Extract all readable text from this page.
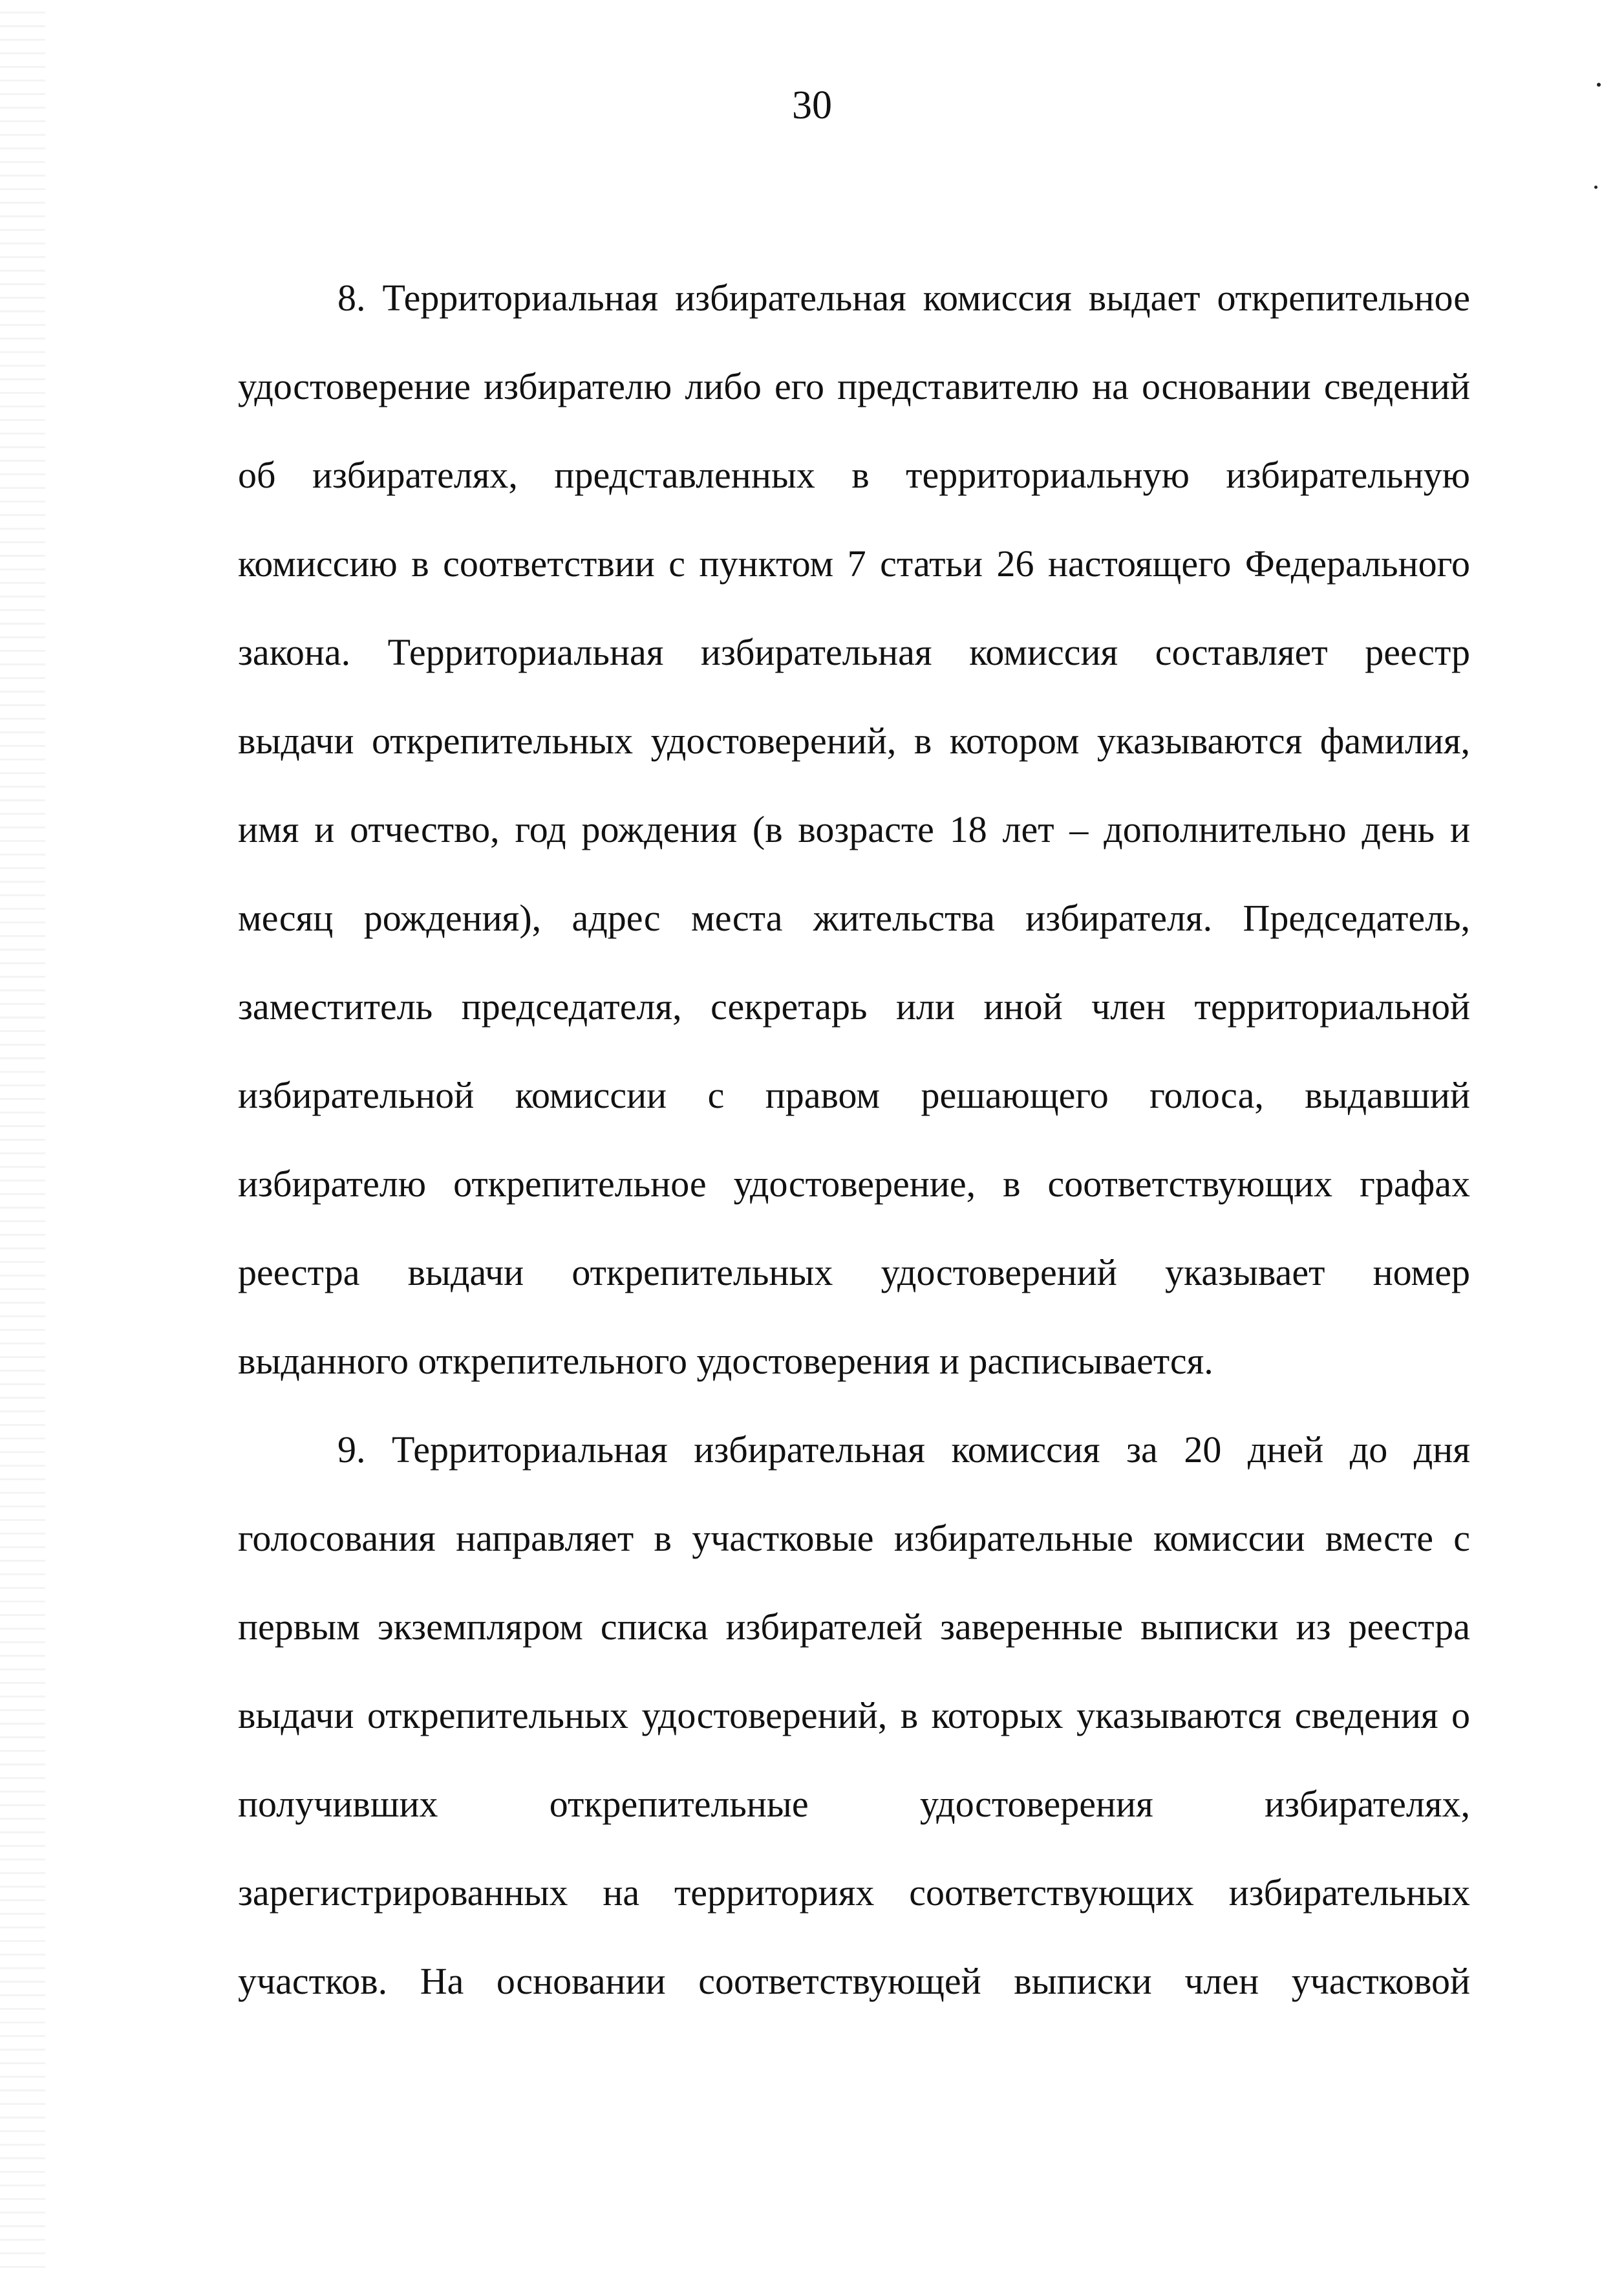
30
8. Территориальная избирательная комиссия выдает открепительное
удостоверение избирателю либо его представителю на основании сведений
об избирателях, представленных в территориальную избирательную
комиссию в соответствии с пунктом 7 статьи 26 настоящего Федерального
закона. Территориальная избирательная комиссия составляет реестр
выдачи открепительных удостоверений, в котором указываются фамилия,
имя и отчество, год рождения (в возрасте 18 лет – дополнительно день и
месяц рождения), адрес места жительства избирателя. Председатель,
заместитель председателя, секретарь или иной член территориальной
избирательной комиссии с правом решающего голоса, выдавший
избирателю открепительное удостоверение, в соответствующих графах
реестра выдачи открепительных удостоверений указывает номер
выданного открепительного удостоверения и расписывается.
9. Территориальная избирательная комиссия за 20 дней до дня
голосования направляет в участковые избирательные комиссии вместе с
первым экземпляром списка избирателей заверенные выписки из реестра
выдачи открепительных удостоверений, в которых указываются сведения о
получивших открепительные удостоверения избирателях,
зарегистрированных на территориях соответствующих избирательных
участков. На основании соответствующей выписки член участковой
